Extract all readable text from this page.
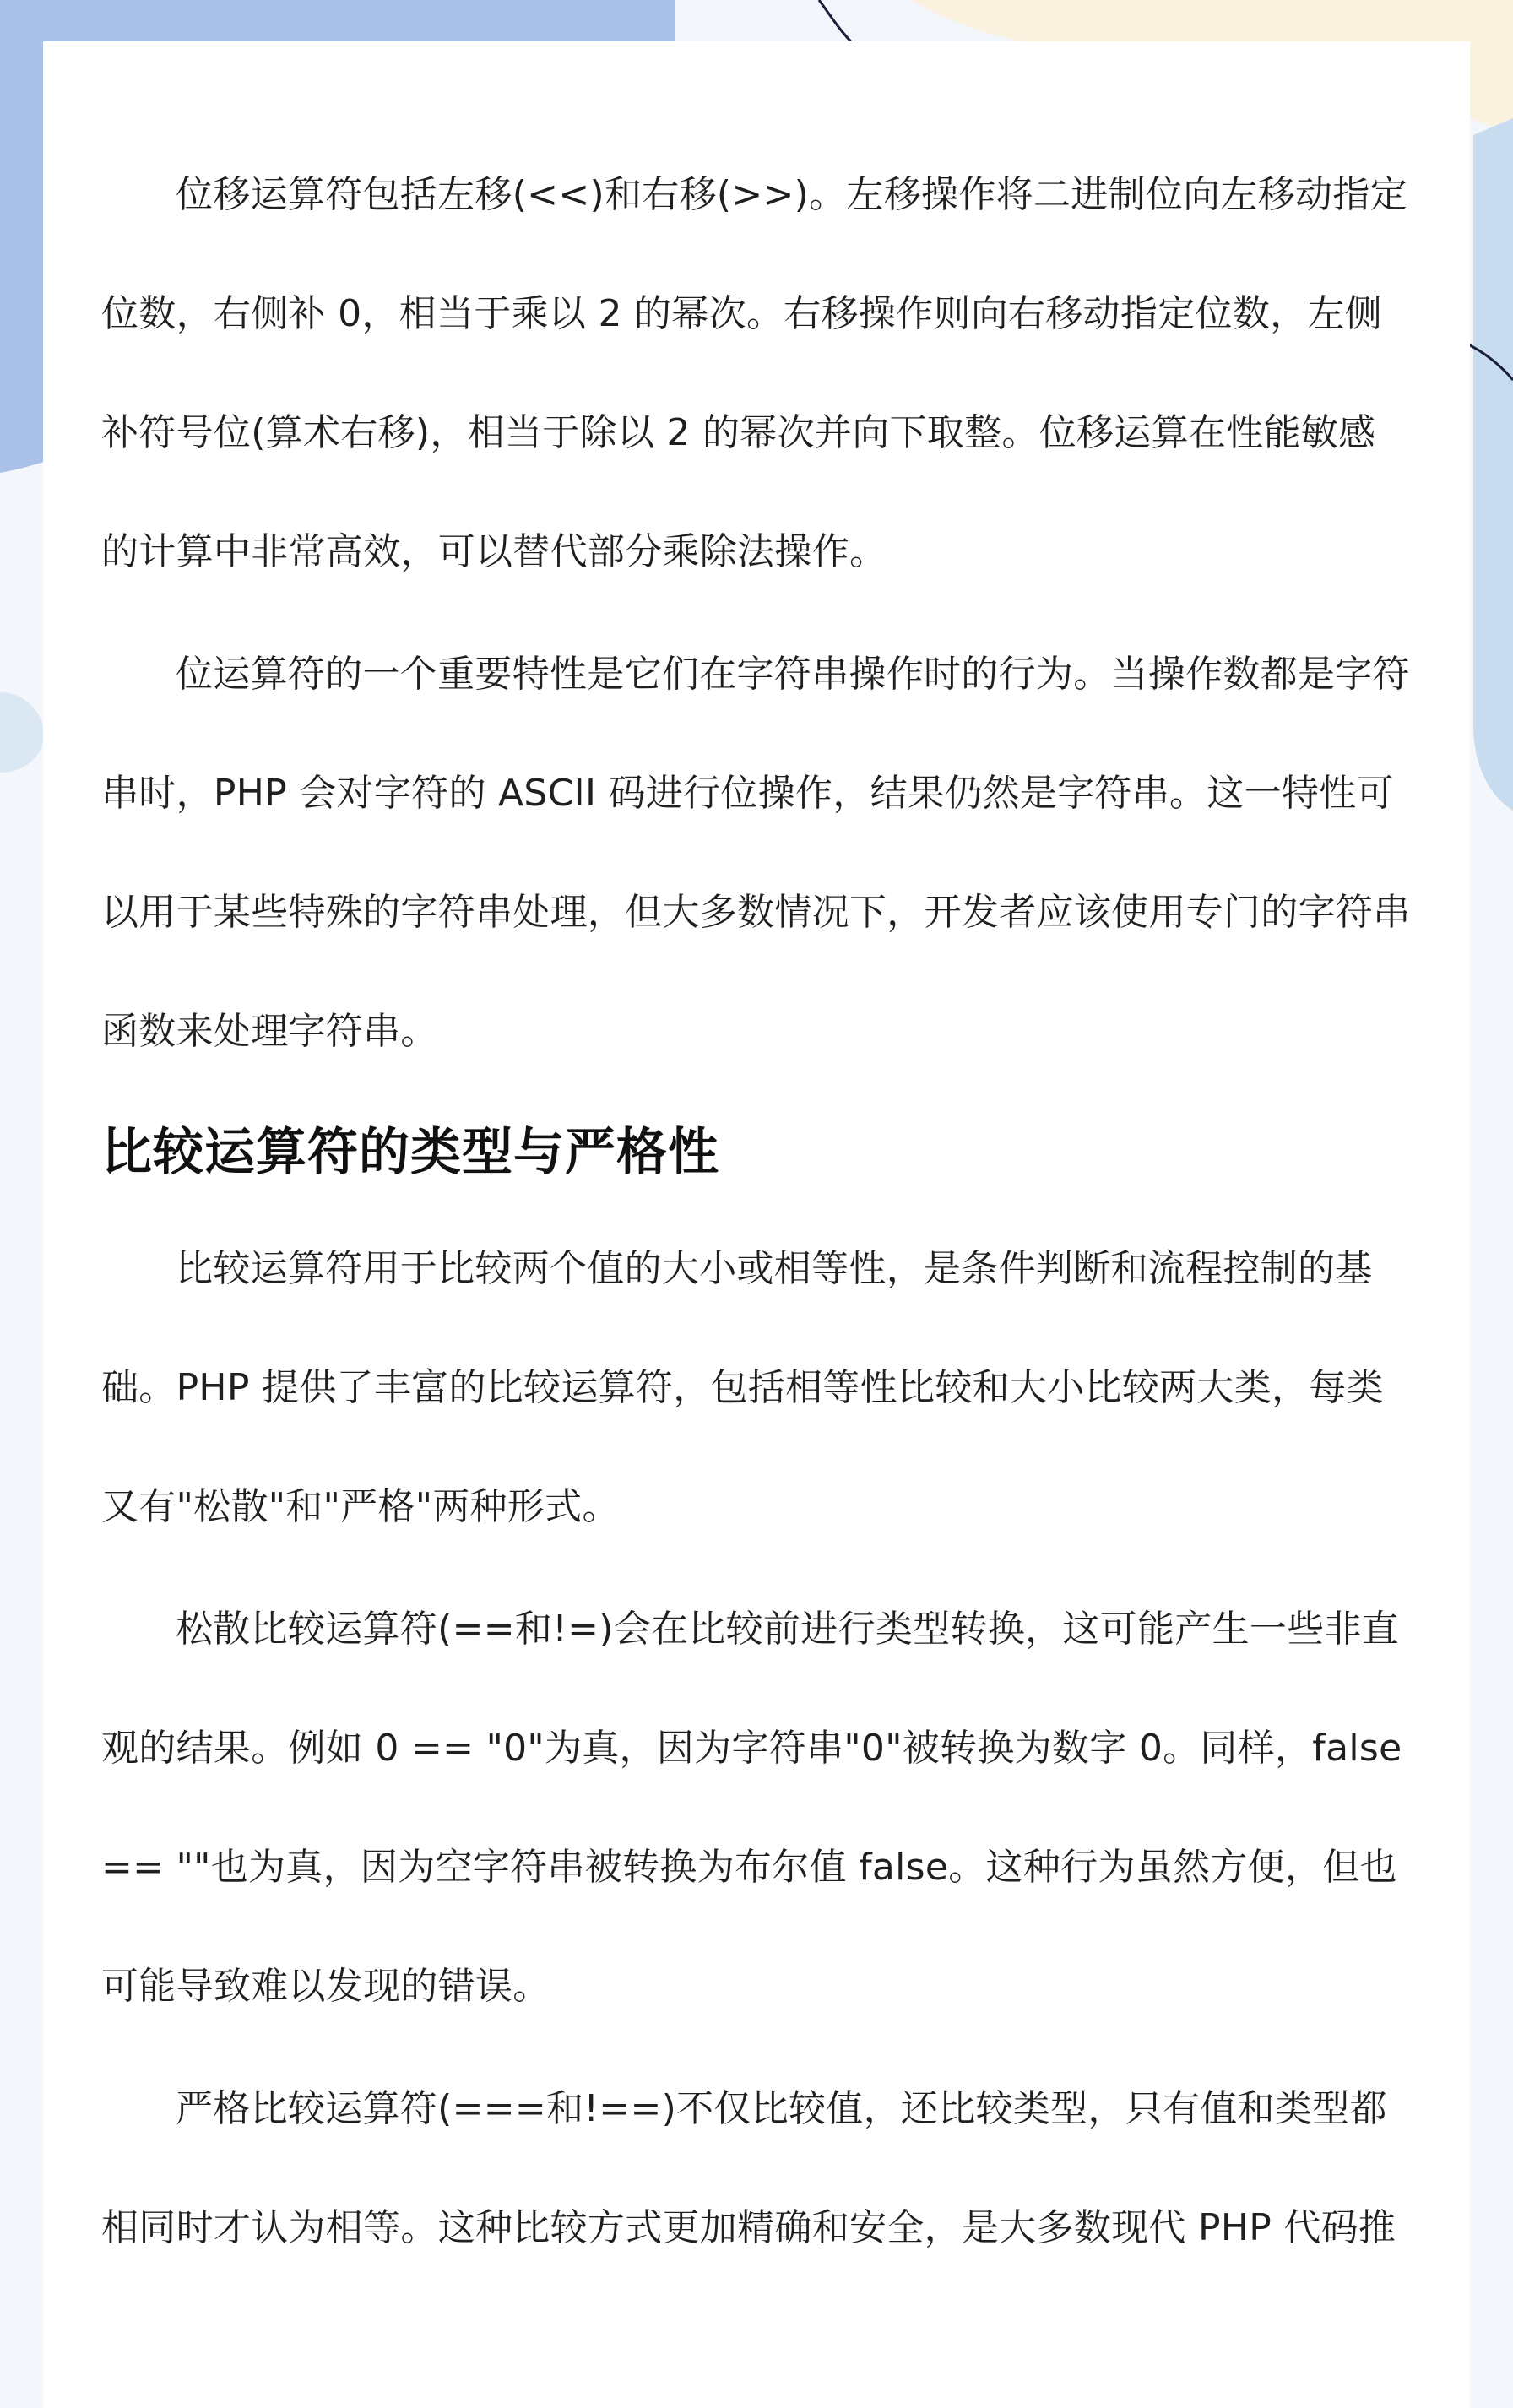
位移运算符包括左移(<<)和右移(>>)。左移操作将二进制位向左移动指定位数，右侧补 0，相当于乘以 2 的幂次。右移操作则向右移动指定位数，左侧补符号位(算术右移)，相当于除以 2 的幂次并向下取整。位移运算在性能敏感的计算中非常高效，可以替代部分乘除法操作。

位运算符的一个重要特性是它们在字符串操作时的行为。当操作数都是字符串时，PHP 会对字符的 ASCII 码进行位操作，结果仍然是字符串。这一特性可以用于某些特殊的字符串处理，但大多数情况下，开发者应该使用专门的字符串函数来处理字符串。

比较运算符的类型与严格性

比较运算符用于比较两个值的大小或相等性，是条件判断和流程控制的基础。PHP 提供了丰富的比较运算符，包括相等性比较和大小比较两大类，每类又有"松散"和"严格"两种形式。

松散比较运算符(==和!=)会在比较前进行类型转换，这可能产生一些非直观的结果。例如 0 == "0"为真，因为字符串"0"被转换为数字 0。同样，false == ""也为真，因为空字符串被转换为布尔值 false。这种行为虽然方便，但也可能导致难以发现的错误。

严格比较运算符(===和!==)不仅比较值，还比较类型，只有值和类型都相同时才认为相等。这种比较方式更加精确和安全，是大多数现代 PHP 代码推
